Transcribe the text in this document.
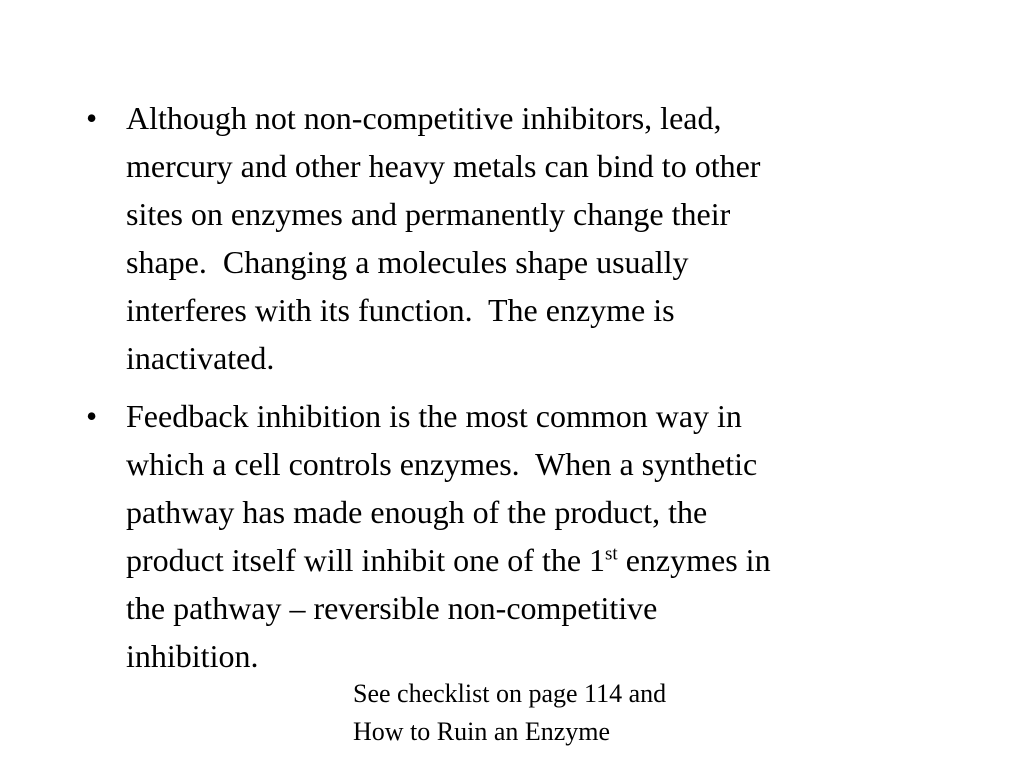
• Although not non-competitive inhibitors, lead,
mercury and other heavy metals can bind to other
sites on enzymes and permanently change their
shape.  Changing a molecules shape usually
interferes with its function.  The enzyme is
inactivated.
• Feedback inhibition is the most common way in
which a cell controls enzymes.  When a synthetic
pathway has made enough of the product, the
product itself will inhibit one of the 1st enzymes in
the pathway – reversible non-competitive
inhibition.
See checklist on page 114 and
How to Ruin an Enzyme
